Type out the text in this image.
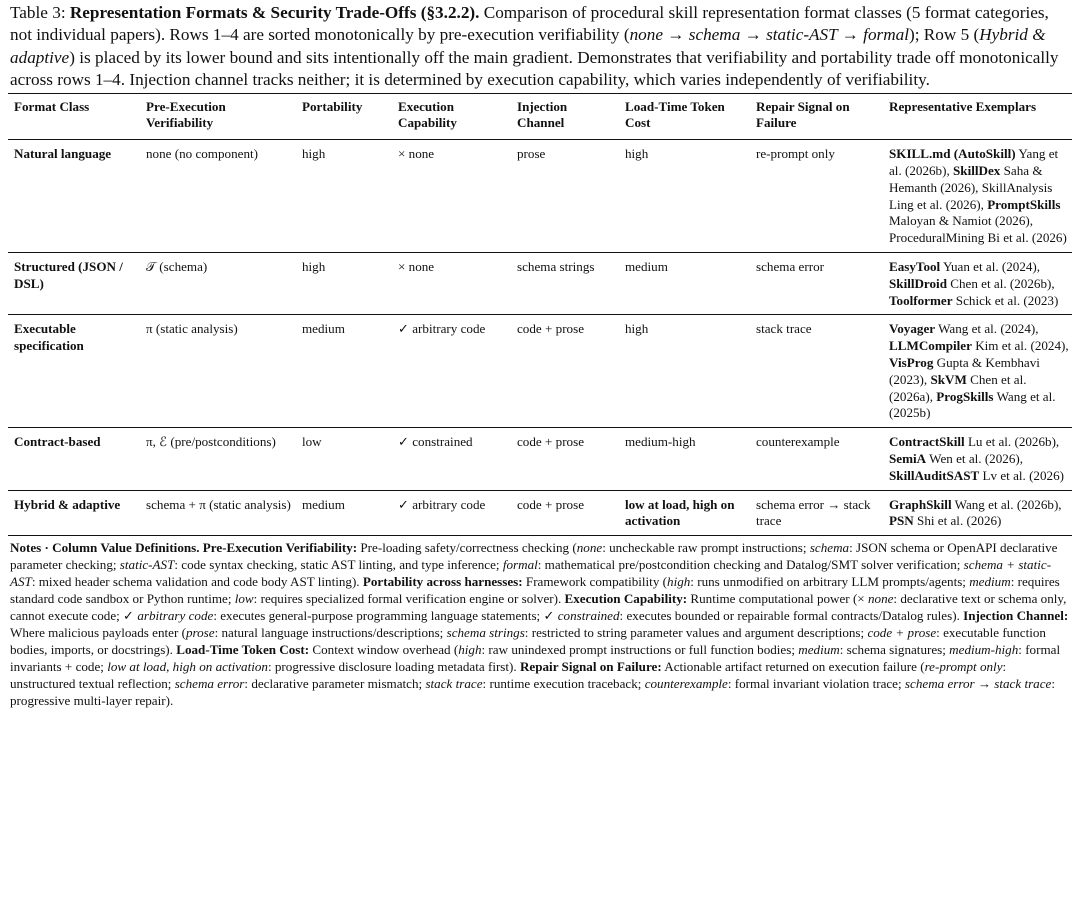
Table 3: Representation Formats & Security Trade-Offs (§3.2.2). Comparison of procedural skill representation format classes (5 format categories, not individual papers). Rows 1–4 are sorted monotonically by pre-execution verifiability (none → schema → static-AST → formal); Row 5 (Hybrid & adaptive) is placed by its lower bound and sits intentionally off the main gradient. Demonstrates that verifiability and portability trade off monotonically across rows 1–4. Injection channel tracks neither; it is determined by execution capability, which varies independently of verifiability.
Format Class	Pre-Execution Verifiability	Portability	Execution Capability	Injection Channel	Load-Time Token Cost	Repair Signal on Failure	Representative Exemplars
Natural language	none (no component)	high	× none	prose	high	re-prompt only	SKILL.md (AutoSkill) Yang et al. (2026b), SkillDex Saha & Hemanth (2026), SkillAnalysis Ling et al. (2026), PromptSkills Maloyan & Namiot (2026), ProceduralMining Bi et al. (2026)
Structured (JSON / DSL)	𝒯 (schema)	high	× none	schema strings	medium	schema error	EasyTool Yuan et al. (2024), SkillDroid Chen et al. (2026b), Toolformer Schick et al. (2023)
Executable specification	π (static analysis)	medium	✓ arbitrary code	code + prose	high	stack trace	Voyager Wang et al. (2024), LLMCompiler Kim et al. (2024), VisProg Gupta & Kembhavi (2023), SkVM Chen et al. (2026a), ProgSkills Wang et al. (2025b)
Contract-based	π, ℰ (pre/postconditions)	low	✓ constrained	code + prose	medium-high	counterexample	ContractSkill Lu et al. (2026b), SemiA Wen et al. (2026), SkillAuditSAST Lv et al. (2026)
Hybrid & adaptive	schema + π (static analysis)	medium	✓ arbitrary code	code + prose	low at load, high on activation	schema error → stack trace	GraphSkill Wang et al. (2026b), PSN Shi et al. (2026)
Notes · Column Value Definitions. Pre-Execution Verifiability: Pre-loading safety/correctness checking (none: uncheckable raw prompt instructions; schema: JSON schema or OpenAPI declarative parameter checking; static-AST: code syntax checking, static AST linting, and type inference; formal: mathematical pre/postcondition checking and Datalog/SMT solver verification; schema + static-AST: mixed header schema validation and code body AST linting). Portability across harnesses: Framework compatibility (high: runs unmodified on arbitrary LLM prompts/agents; medium: requires standard code sandbox or Python runtime; low: requires specialized formal verification engine or solver). Execution Capability: Runtime computational power (× none: declarative text or schema only, cannot execute code; ✓ arbitrary code: executes general-purpose programming language statements; ✓ constrained: executes bounded or repairable formal contracts/Datalog rules). Injection Channel: Where malicious payloads enter (prose: natural language instructions/descriptions; schema strings: restricted to string parameter values and argument descriptions; code + prose: executable function bodies, imports, or docstrings). Load-Time Token Cost: Context window overhead (high: raw unindexed prompt instructions or full function bodies; medium: schema signatures; medium-high: formal invariants + code; low at load, high on activation: progressive disclosure loading metadata first). Repair Signal on Failure: Actionable artifact returned on execution failure (re-prompt only: unstructured textual reflection; schema error: declarative parameter mismatch; stack trace: runtime execution traceback; counterexample: formal invariant violation trace; schema error → stack trace: progressive multi-layer repair).
